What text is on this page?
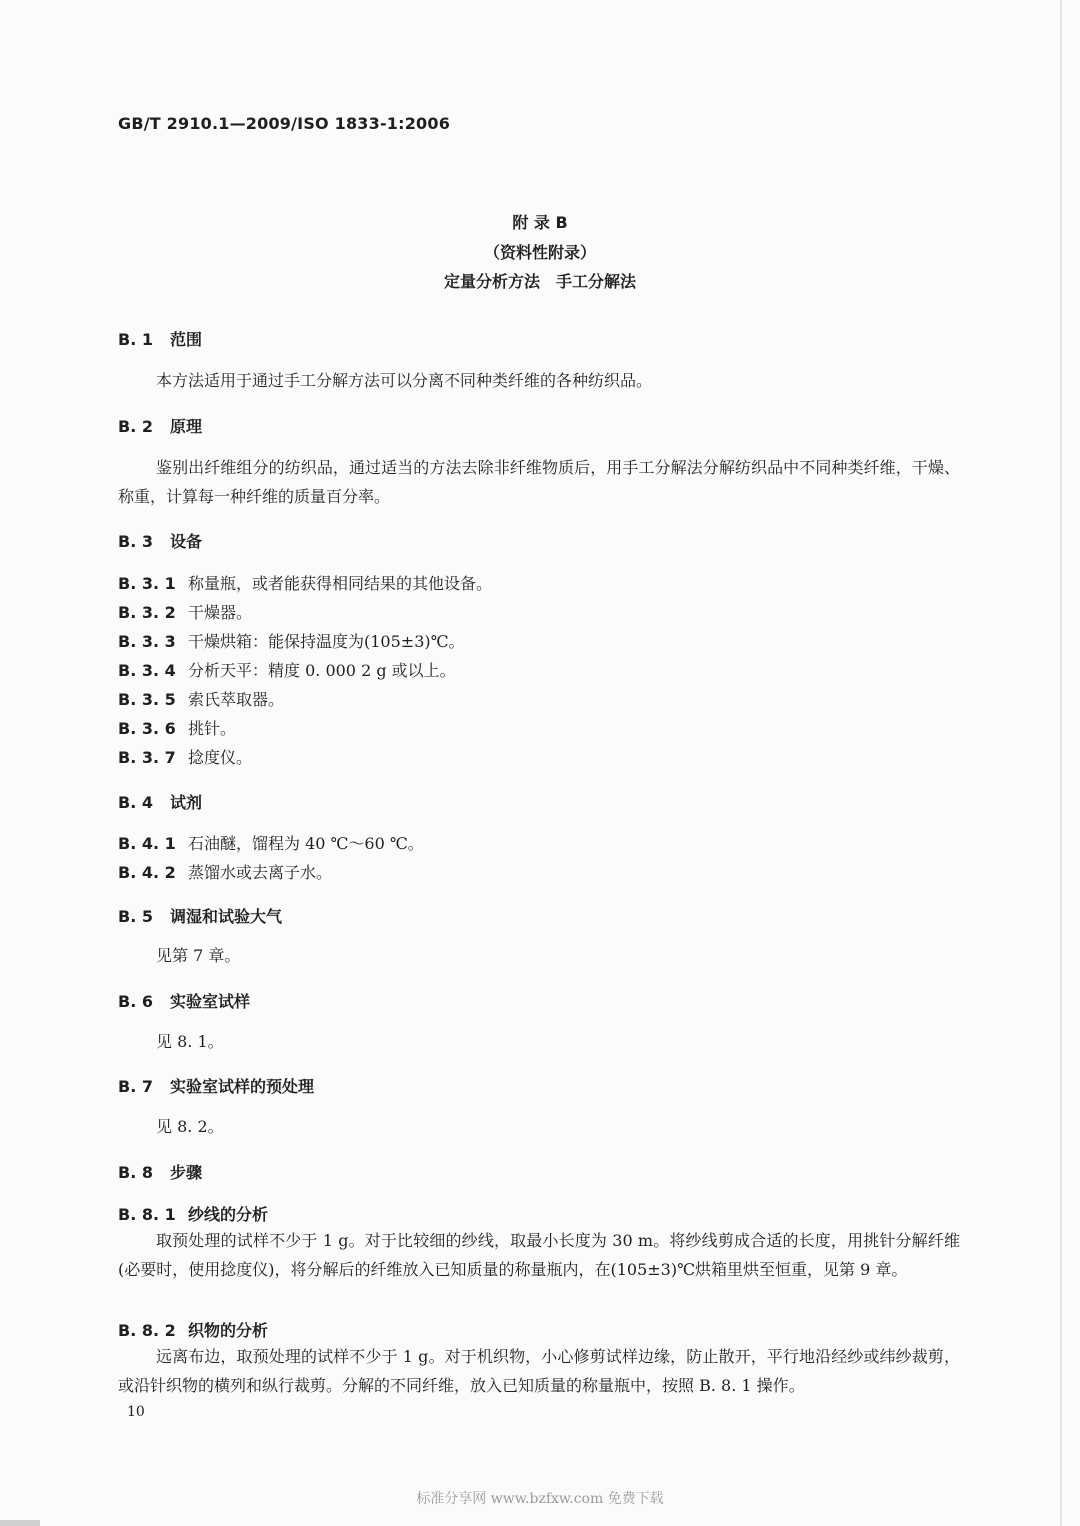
GB/T 2910.1—2009/ISO 1833-1:2006
附 录 B
（资料性附录）
定量分析方法　手工分解法
B. 1 范围
本方法适用于通过手工分解方法可以分离不同种类纤维的各种纺织品。
B. 2 原理
鉴别出纤维组分的纺织品，通过适当的方法去除非纤维物质后，用手工分解法分解纺织品中不同种类纤维，干燥、称重，计算每一种纤维的质量百分率。
B. 3 设备
B. 3. 1 称量瓶，或者能获得相同结果的其他设备。
B. 3. 2 干燥器。
B. 3. 3 干燥烘箱：能保持温度为(105±3)℃。
B. 3. 4 分析天平：精度 0. 000 2 g 或以上。
B. 3. 5 索氏萃取器。
B. 3. 6 挑针。
B. 3. 7 捻度仪。
B. 4 试剂
B. 4. 1 石油醚，馏程为 40 ℃～60 ℃。
B. 4. 2 蒸馏水或去离子水。
B. 5 调湿和试验大气
见第 7 章。
B. 6 实验室试样
见 8. 1。
B. 7 实验室试样的预处理
见 8. 2。
B. 8 步骤
B. 8. 1 纱线的分析
取预处理的试样不少于 1 g。对于比较细的纱线，取最小长度为 30 m。将纱线剪成合适的长度，用挑针分解纤维(必要时，使用捻度仪)，将分解后的纤维放入已知质量的称量瓶内，在(105±3)℃烘箱里烘至恒重，见第 9 章。
B. 8. 2 织物的分析
远离布边，取预处理的试样不少于 1 g。对于机织物，小心修剪试样边缘，防止散开，平行地沿经纱或纬纱裁剪，或沿针织物的横列和纵行裁剪。分解的不同纤维，放入已知质量的称量瓶中，按照 B. 8. 1 操作。
10
标准分享网 www.bzfxw.com 免费下载
